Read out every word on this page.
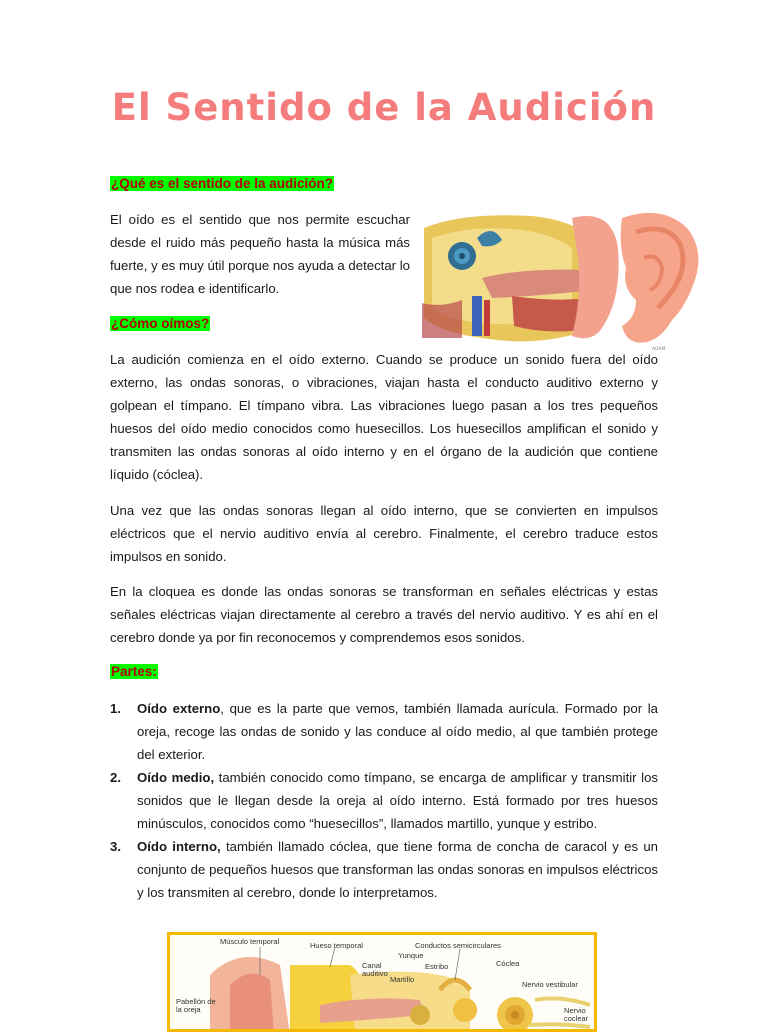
El Sentido de la Audición
¿Qué es el sentido de la audición?

El oído es el sentido que nos permite escuchar desde el ruido más pequeño hasta la música más fuerte, y es muy útil porque nos ayuda a detectar lo que nos rodea e identificarlo.

ADAM
¿Cómo oímos?

La audición comienza en el oído externo. Cuando se produce un sonido fuera del oído externo, las ondas sonoras, o vibraciones, viajan hasta el conducto auditivo externo y golpean el tímpano. El tímpano vibra. Las vibraciones luego pasan a los tres pequeños huesos del oído medio conocidos como huesecillos. Los huesecillos amplifican el sonido y transmiten las ondas sonoras al oído interno y en el órgano de la audición que contiene líquido (cóclea).

Una vez que las ondas sonoras llegan al oído interno, que se convierten en impulsos eléctricos que el nervio auditivo envía al cerebro. Finalmente, el cerebro traduce estos impulsos en sonido.

En la cloquea es donde las ondas sonoras se transforman en señales eléctricas y estas señales eléctricas viajan directamente al cerebro a través del nervio auditivo. Y es ahí en el cerebro donde ya por fin reconocemos y comprendemos esos sonidos.

Partes:
1.	Oído externo, que es la parte que vemos, también llamada aurícula. Formado por la oreja, recoge las ondas de sonido y las conduce al oído medio, al que también protege del exterior.
2.	Oído medio, también conocido como tímpano, se encarga de amplificar y transmitir los sonidos que le llegan desde la oreja al oído interno. Está formado por tres huesos minúsculos, conocidos como “huesecillos”, llamados martillo, yunque y estribo.
3.	Oído interno, también llamado cóclea, que tiene forma de concha de caracol y es un conjunto de pequeños huesos que transforman las ondas sonoras en impulsos eléctricos y los transmiten al cerebro, donde lo interpretamos.
Músculo temporal	Hueso temporal	Conductos semicirculares
Yunque
Canal auditivo
Estribo	Cóclea
Martillo
Nervio vestibular
Pabellón de la oreja	Nervio coclear
